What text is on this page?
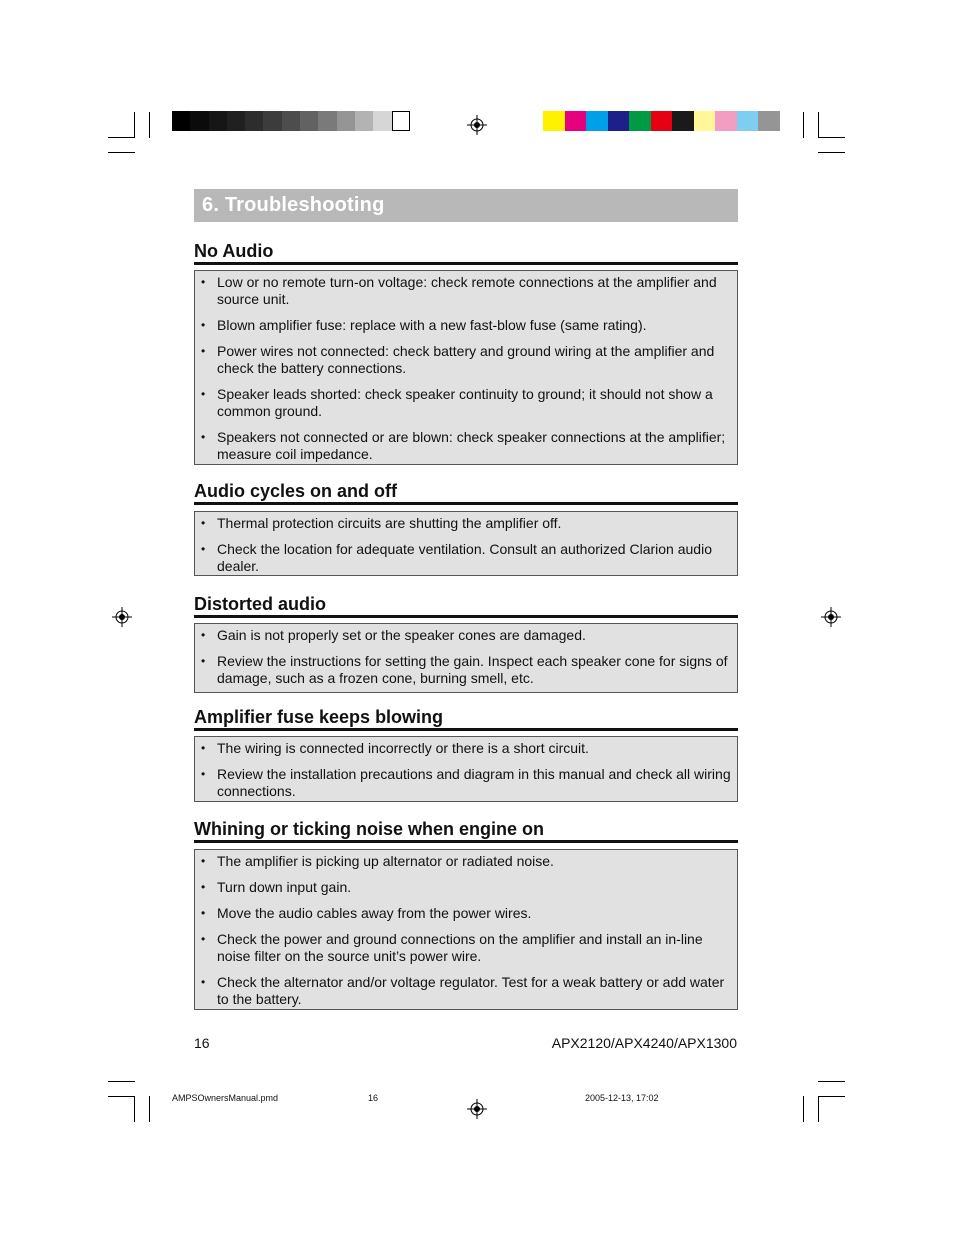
6. Troubleshooting
No Audio
• Low or no remote turn-on voltage: check remote connections at the amplifier and source unit.
• Blown amplifier fuse: replace with a new fast-blow fuse (same rating).
• Power wires not connected: check battery and ground wiring at the amplifier and check the battery connections.
• Speaker leads shorted: check speaker continuity to ground; it should not show a common ground.
• Speakers not connected or are blown: check speaker connections at the amplifier; measure coil impedance.
Audio cycles on and off
• Thermal protection circuits are shutting the amplifier off.
• Check the location for adequate ventilation. Consult an authorized Clarion audio dealer.
Distorted audio
• Gain is not properly set or the speaker cones are damaged.
• Review the instructions for setting the gain. Inspect each speaker cone for signs of damage, such as a frozen cone, burning smell, etc.
Amplifier fuse keeps blowing
• The wiring is connected incorrectly or there is a short circuit.
• Review the installation precautions and diagram in this manual and check all wiring connections.
Whining or ticking noise when engine on
• The amplifier is picking up alternator or radiated noise.
• Turn down input gain.
• Move the audio cables away from the power wires.
• Check the power and ground connections on the amplifier and install an in-line noise filter on the source unit’s power wire.
• Check the alternator and/or voltage regulator. Test for a weak battery or add water to the battery.
16	APX2120/APX4240/APX1300
AMPSOwnersManual.pmd	16	2005-12-13, 17:02
